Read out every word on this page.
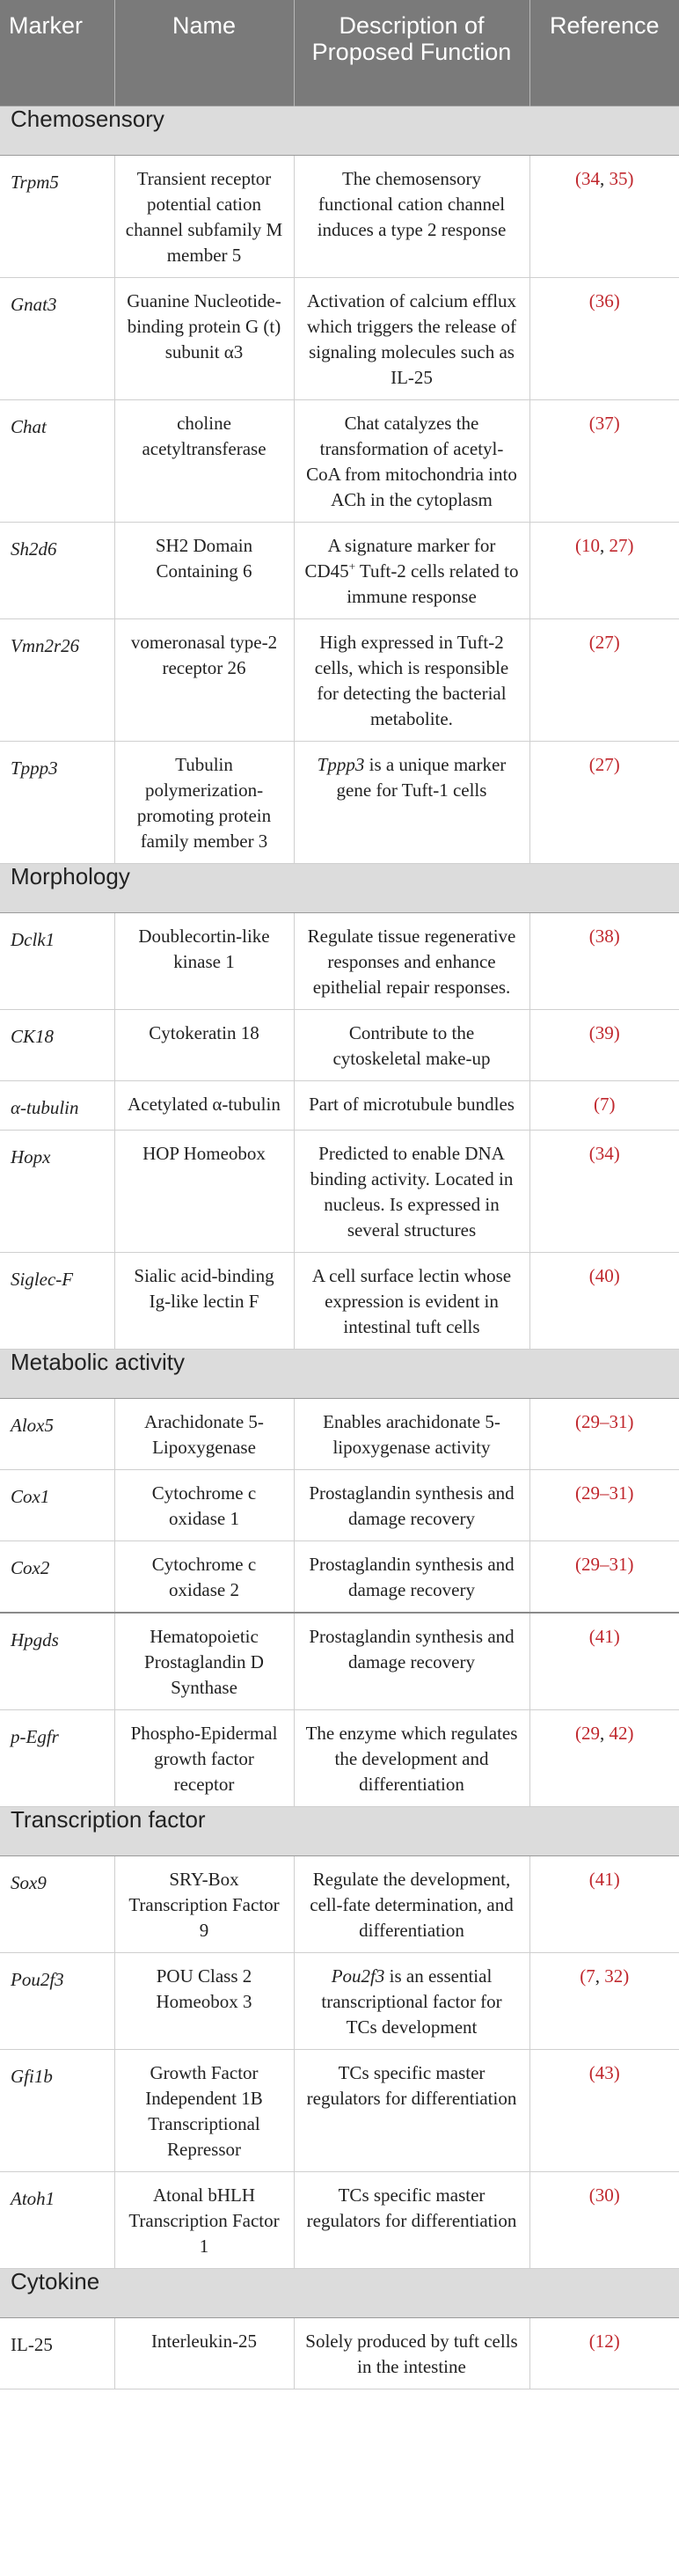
Marker	Name	Description of Proposed Function	Reference
Chemosensory			
Trpm5	Transient receptor potential cation channel subfamily M member 5	The chemosensory functional cation channel induces a type 2 response	(34, 35)
Gnat3	Guanine Nucleotide-binding protein G (t) subunit α3	Activation of calcium efflux which triggers the release of signaling molecules such as IL-25	(36)
Chat	choline acetyltransferase	Chat catalyzes the transformation of acetyl-CoA from mitochondria into ACh in the cytoplasm	(37)
Sh2d6	SH2 Domain Containing 6	A signature marker for CD45+ Tuft-2 cells related to immune response	(10, 27)
Vmn2r26	vomeronasal type-2 receptor 26	High expressed in Tuft-2 cells, which is responsible for detecting the bacterial metabolite.	(27)
Tppp3	Tubulin polymerization-promoting protein family member 3	Tppp3 is a unique marker gene for Tuft-1 cells	(27)
Morphology			
Dclk1	Doublecortin-like kinase 1	Regulate tissue regenerative responses and enhance epithelial repair responses.	(38)
CK18	Cytokeratin 18	Contribute to the cytoskeletal make-up	(39)
α-tubulin	Acetylated α-tubulin	Part of microtubule bundles	(7)
Hopx	HOP Homeobox	Predicted to enable DNA binding activity. Located in nucleus. Is expressed in several structures	(34)
Siglec-F	Sialic acid-binding Ig-like lectin F	A cell surface lectin whose expression is evident in intestinal tuft cells	(40)
Metabolic activity			
Alox5	Arachidonate 5-Lipoxygenase	Enables arachidonate 5-lipoxygenase activity	(29–31)
Cox1	Cytochrome c oxidase 1	Prostaglandin synthesis and damage recovery	(29–31)
Cox2	Cytochrome c oxidase 2	Prostaglandin synthesis and damage recovery	(29–31)
Hpgds	Hematopoietic Prostaglandin D Synthase	Prostaglandin synthesis and damage recovery	(41)
p-Egfr	Phospho-Epidermal growth factor receptor	The enzyme which regulates the development and differentiation	(29, 42)
Transcription factor			
Sox9	SRY-Box Transcription Factor 9	Regulate the development, cell-fate determination, and differentiation	(41)
Pou2f3	POU Class 2 Homeobox 3	Pou2f3 is an essential transcriptional factor for TCs development	(7, 32)
Gfi1b	Growth Factor Independent 1B Transcriptional Repressor	TCs specific master regulators for differentiation	(43)
Atoh1	Atonal bHLH Transcription Factor 1	TCs specific master regulators for differentiation	(30)
Cytokine			
IL-25	Interleukin-25	Solely produced by tuft cells in the intestine	(12)
